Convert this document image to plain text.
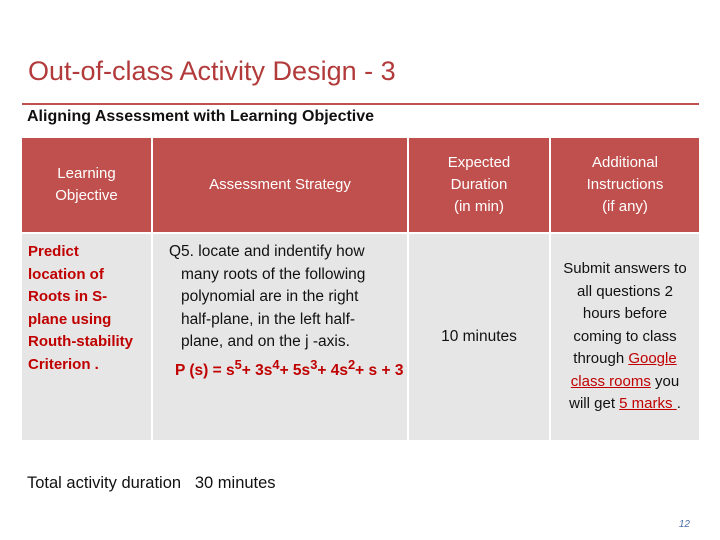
Out-of-class Activity Design - 3
Aligning Assessment with Learning Objective
Learning
Objective
Assessment Strategy
Expected
Duration
(in min)
Additional
Instructions
(if any)
Predict
location of
Roots in S-
plane using
Routh-stability
Criterion .
Q5. locate and indentify how
many roots of the following
polynomial are in the right
half-plane, in the left half-
plane, and on the j -axis.
P $(s) = s^5+ 3s^4+ 5s^3+ 4s^2+ s + 3$
10 minutes
Submit answers to all questions 2 hours before coming to class through Google class rooms you will get 5 marks .
Total activity duration 30 minutes
12
